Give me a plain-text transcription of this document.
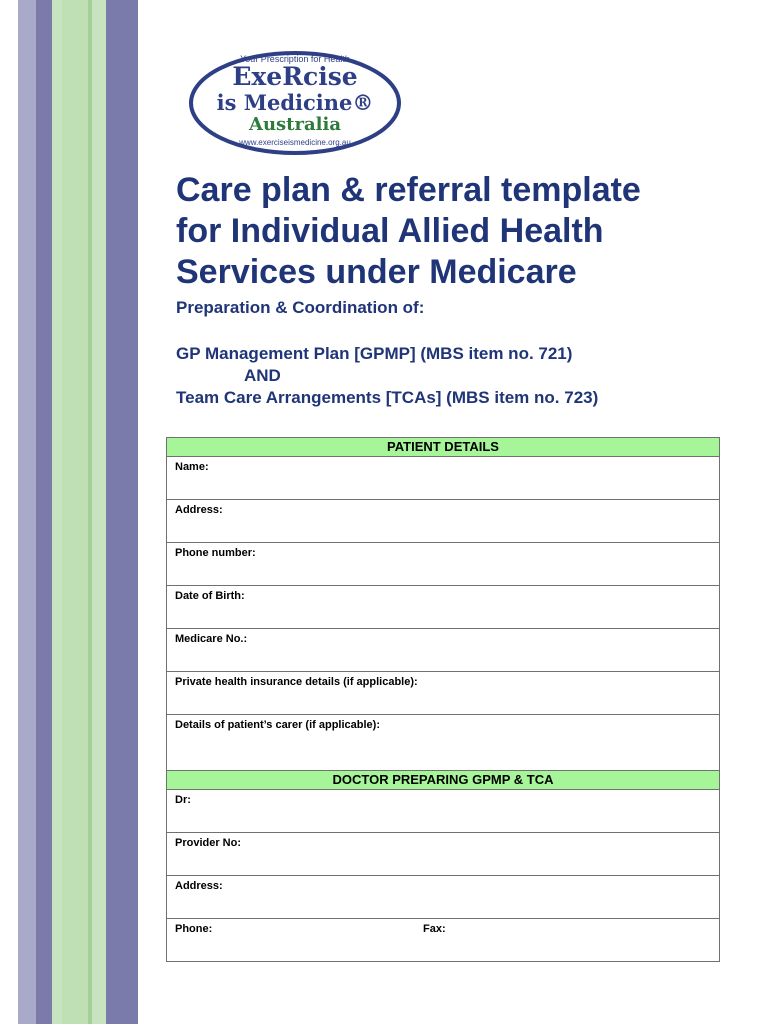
Your Prescription for Health
ExeRcise
is Medicine®
Australia
www.exerciseismedicine.org.au
Care plan & referral template
for Individual Allied Health
Services under Medicare

Preparation & Coordination of:

GP Management Plan [GPMP] (MBS item no. 721)
AND
Team Care Arrangements [TCAs] (MBS item no. 723)

PATIENT DETAILS
Name:
Address:
Phone number:
Date of Birth:
Medicare No.:
Private health insurance details (if applicable):
Details of patient’s carer (if applicable):
DOCTOR PREPARING GPMP & TCA
Dr:
Provider No:
Address:
Phone:	Fax:
